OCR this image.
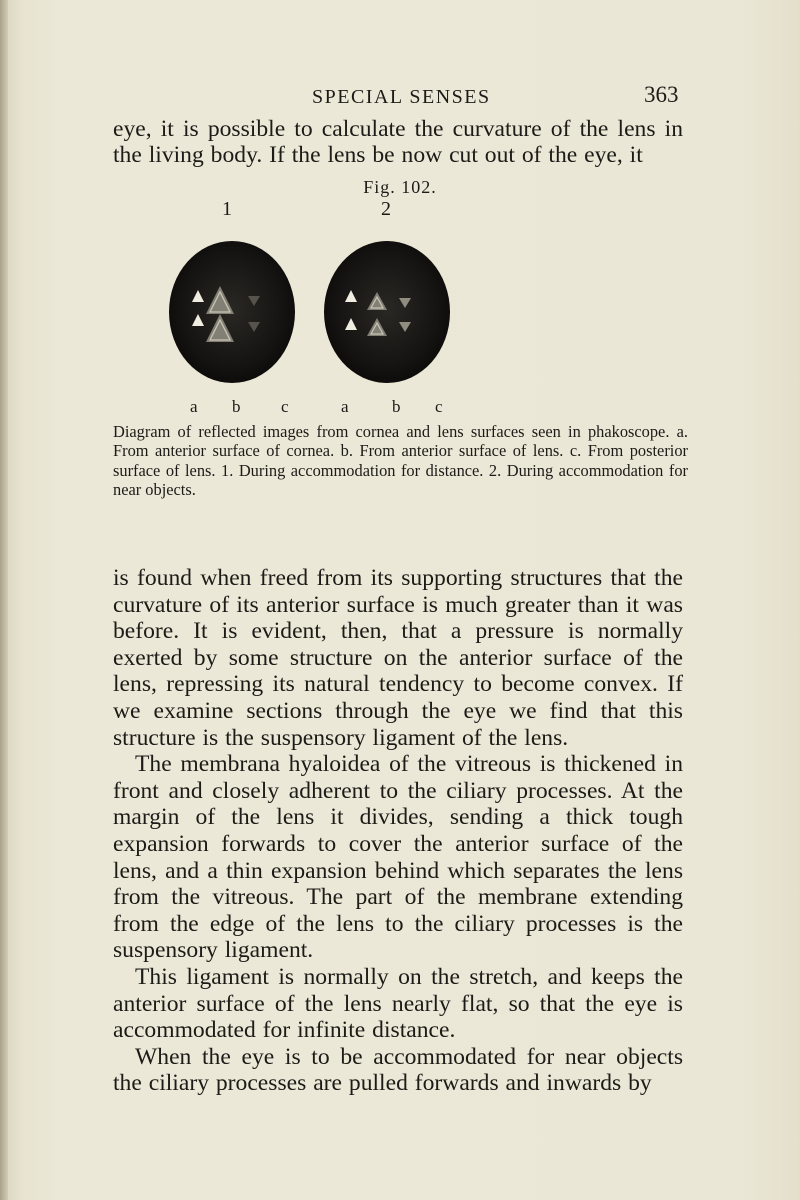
SPECIAL SENSES	363

eye, it is possible to calculate the curvature of the lens in the living body. If the lens be now cut out of the eye, it

Fig. 102.
1	2
a b c	a	b c

Diagram of reflected images from cornea and lens surfaces seen in phakoscope. a. From anterior surface of cornea. b. From anterior surface of lens. c. From posterior surface of lens. 1. During accommodation for distance. 2. During accommodation for near objects.

is found when freed from its supporting structures that the curvature of its anterior surface is much greater than it was before. It is evident, then, that a pressure is normally exerted by some structure on the anterior surface of the lens, repressing its natural tendency to become convex. If we examine sections through the eye we find that this structure is the suspensory ligament of the lens.
The membrana hyaloidea of the vitreous is thickened in front and closely adherent to the ciliary processes. At the margin of the lens it divides, sending a thick tough expansion forwards to cover the anterior surface of the lens, and a thin expansion behind which separates the lens from the vitreous. The part of the membrane extending from the edge of the lens to the ciliary processes is the suspensory ligament.
This ligament is normally on the stretch, and keeps the anterior surface of the lens nearly flat, so that the eye is accommodated for infinite distance.
When the eye is to be accommodated for near objects the ciliary processes are pulled forwards and inwards by
